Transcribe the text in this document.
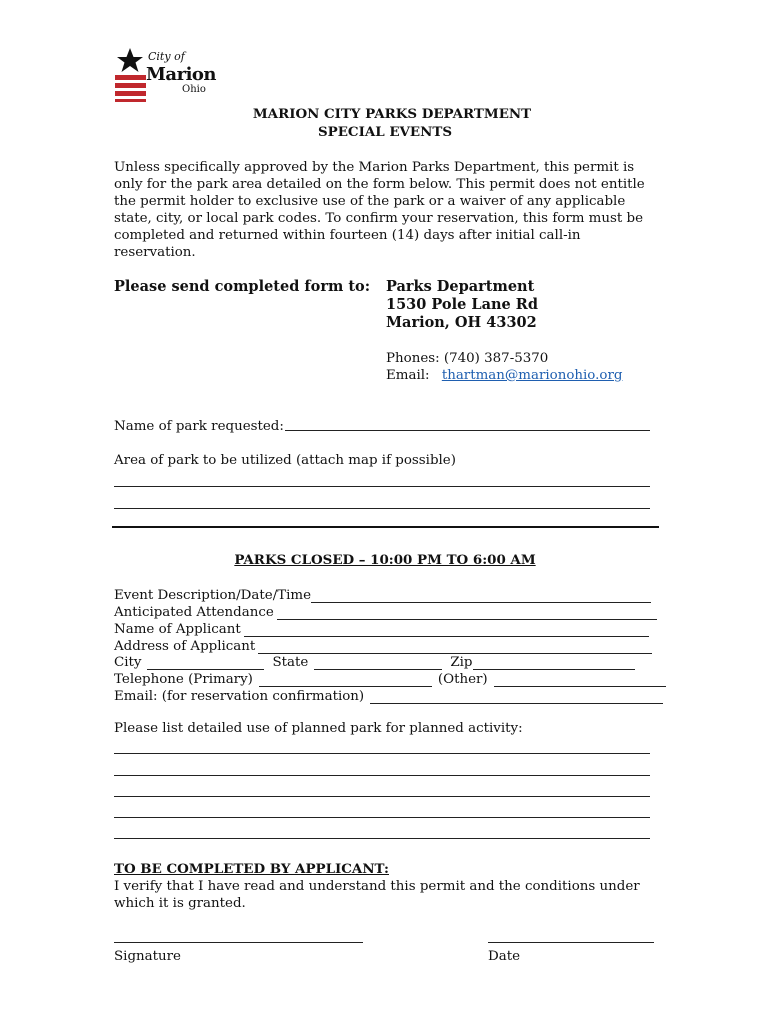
City of
Marion
Ohio
MARION CITY PARKS DEPARTMENT
SPECIAL EVENTS
Unless specifically approved by the Marion Parks Department, this permit is
only for the park area detailed on the form below. This permit does not entitle
the permit holder to exclusive use of the park or a waiver of any applicable
state, city, or local park codes. To confirm your reservation, this form must be
completed and returned within fourteen (14) days after initial call-in
reservation.
Please send completed form to: Parks Department
1530 Pole Lane Rd
Marion, OH 43302
Phones: (740) 387-5370
Email: thartman@marionohio.org
Name of park requested:
Area of park to be utilized (attach map if possible)
PARKS CLOSED – 10:00 PM TO 6:00 AM
Event Description/Date/Time
Anticipated Attendance
Name of Applicant
Address of Applicant
City	State	Zip
Telephone (Primary)	(Other)
Email: (for reservation confirmation)
Please list detailed use of planned park for planned activity:
TO BE COMPLETED BY APPLICANT:
I verify that I have read and understand this permit and the conditions under
which it is granted.
Signature	Date
